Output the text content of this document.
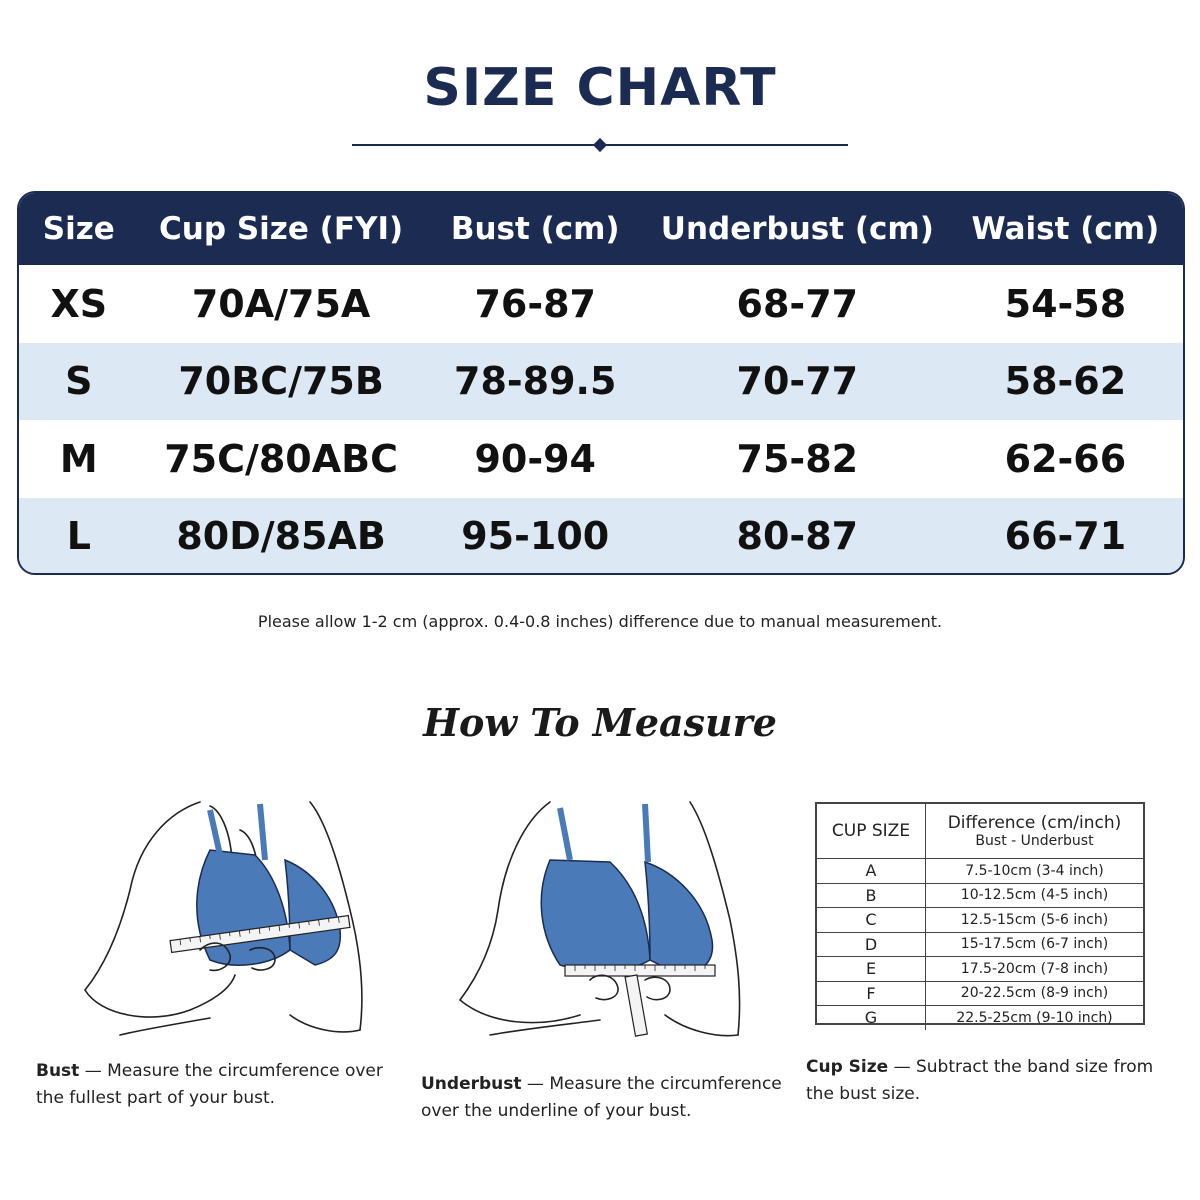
SIZE CHART
Size	Cup Size (FYI)	Bust (cm)	Underbust (cm)	Waist (cm)
XS	70A/75A	76-87	68-77	54-58
S	70BC/75B	78-89.5	70-77	58-62
M	75C/80ABC	90-94	75-82	62-66
L	80D/85AB	95-100	80-87	66-71
Please allow 1-2 cm (approx. 0.4-0.8 inches) difference due to manual measurement.
How To Measure
Bust — Measure the circumference over the fullest part of your bust.
Underbust — Measure the circumference over the underline of your bust.
Cup Size — Subtract the band size from the bust size.
CUP SIZE	Difference (cm/inch)
Bust - Underbust
A	7.5-10cm (3-4 inch)
B	10-12.5cm (4-5 inch)
C	12.5-15cm (5-6 inch)
D	15-17.5cm (6-7 inch)
E	17.5-20cm (7-8 inch)
F	20-22.5cm (8-9 inch)
G	22.5-25cm (9-10 inch)
